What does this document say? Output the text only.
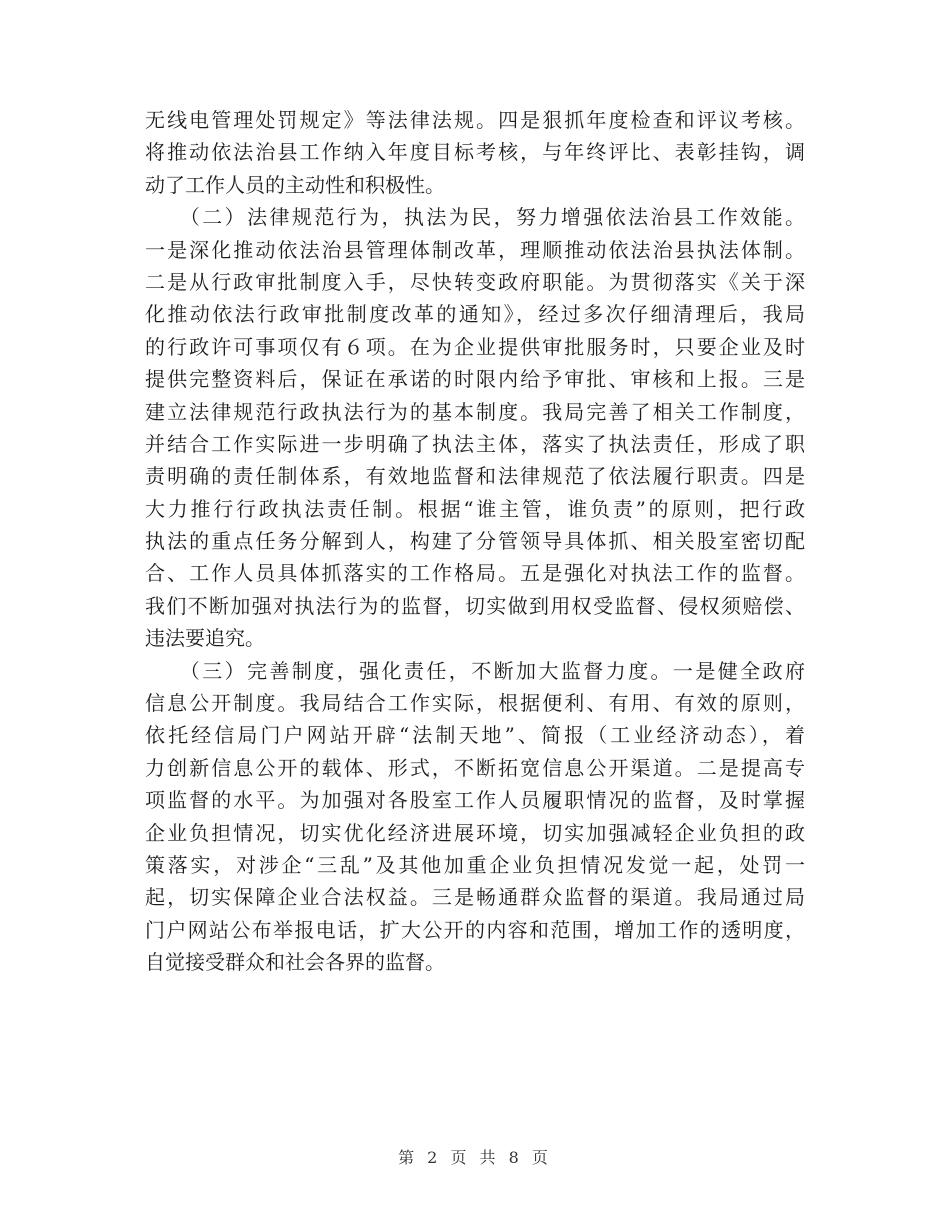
无线电管理处罚规定》等法律法规。四是狠抓年度检查和评议考核。
将推动依法治县工作纳入年度目标考核，与年终评比、表彰挂钩，调
动了工作人员的主动性和积极性。
　　（二）法律规范行为，执法为民，努力增强依法治县工作效能。
一是深化推动依法治县管理体制改革，理顺推动依法治县执法体制。
二是从行政审批制度入手，尽快转变政府职能。为贯彻落实《关于深
化推动依法行政审批制度改革的通知》，经过多次仔细清理后，我局
的行政许可事项仅有６项。在为企业提供审批服务时，只要企业及时
提供完整资料后，保证在承诺的时限内给予审批、审核和上报。三是
建立法律规范行政执法行为的基本制度。我局完善了相关工作制度，
并结合工作实际进一步明确了执法主体，落实了执法责任，形成了职
责明确的责任制体系，有效地监督和法律规范了依法履行职责。四是
大力推行行政执法责任制。根据“谁主管，谁负责”的原则，把行政
执法的重点任务分解到人，构建了分管领导具体抓、相关股室密切配
合、工作人员具体抓落实的工作格局。五是强化对执法工作的监督。
我们不断加强对执法行为的监督，切实做到用权受监督、侵权须赔偿、
违法要追究。
　　（三）完善制度，强化责任，不断加大监督力度。一是健全政府
信息公开制度。我局结合工作实际，根据便利、有用、有效的原则，
依托经信局门户网站开辟“法制天地”、简报（工业经济动态），着
力创新信息公开的载体、形式，不断拓宽信息公开渠道。二是提高专
项监督的水平。为加强对各股室工作人员履职情况的监督，及时掌握
企业负担情况，切实优化经济进展环境，切实加强减轻企业负担的政
策落实，对涉企“三乱”及其他加重企业负担情况发觉一起，处罚一
起，切实保障企业合法权益。三是畅通群众监督的渠道。我局通过局
门户网站公布举报电话，扩大公开的内容和范围，增加工作的透明度，
自觉接受群众和社会各界的监督。
第 2 页 共 8 页
